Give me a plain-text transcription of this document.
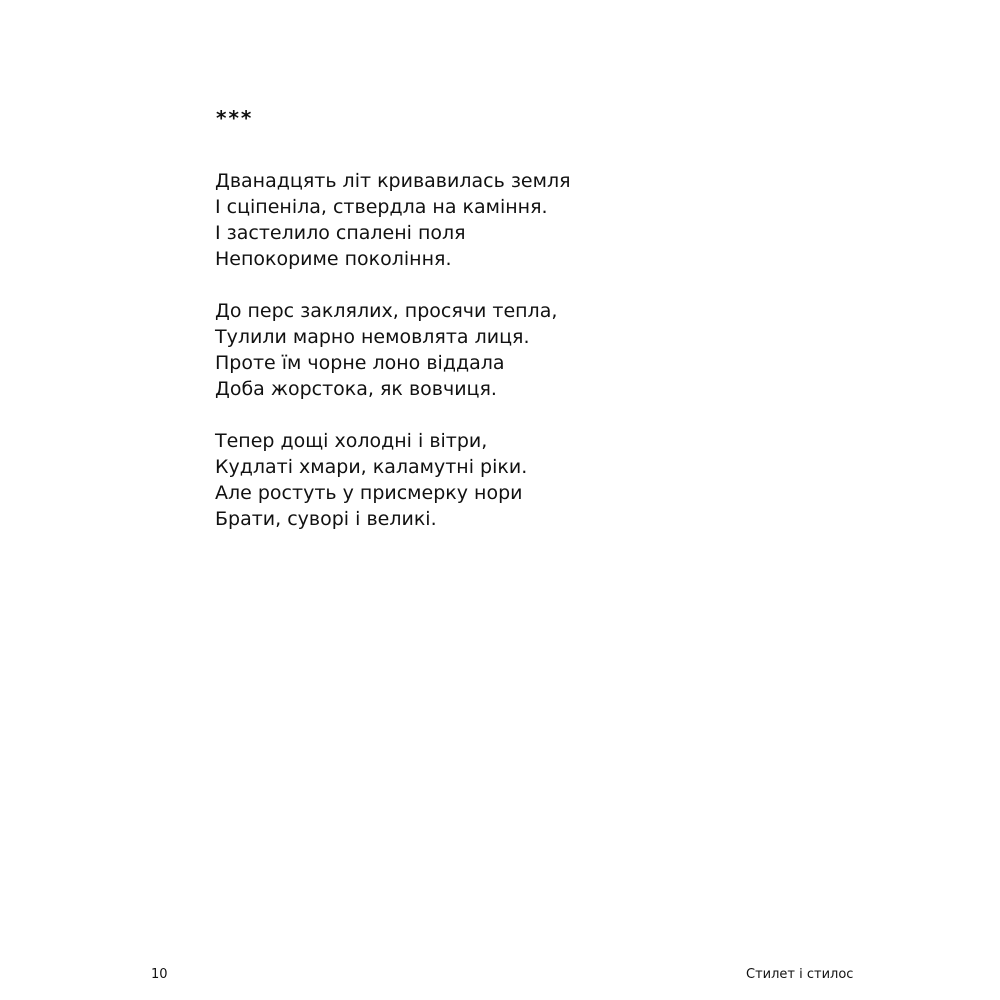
***
Дванадцять літ кривавилась земля
І сціпеніла, ствердла на каміння.
І застелило спалені поля
Непокориме покоління.
До перс заклялих, просячи тепла,
Тулили марно немовлята лиця.
Проте їм чорне лоно віддала
Доба жорстока, як вовчиця.
Тепер дощі холодні і вітри,
Кудлаті хмари, каламутні ріки.
Але ростуть у присмерку нори
Брати, суворі і великі.
10	Стилет і стилос
